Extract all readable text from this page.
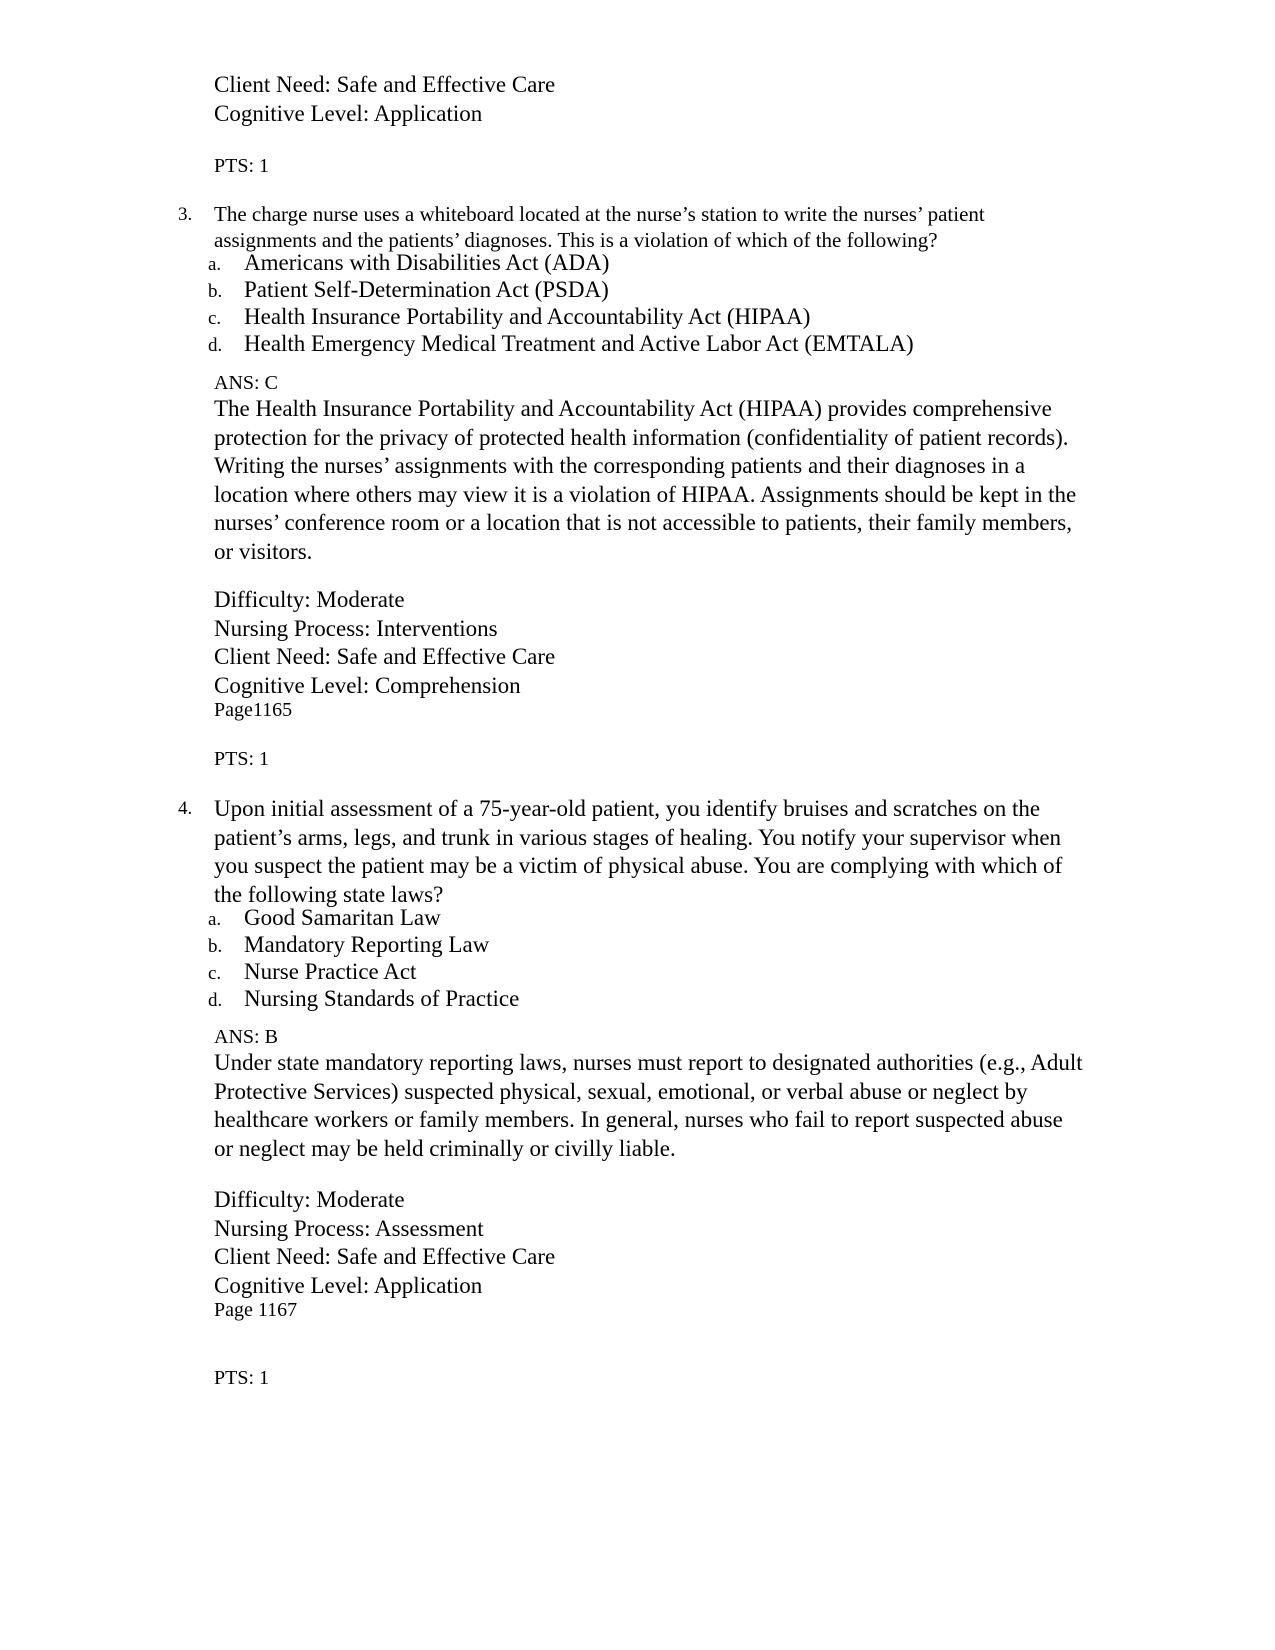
Client Need: Safe and Effective Care
Cognitive Level: Application
PTS: 1
3. The charge nurse uses a whiteboard located at the nurse’s station to write the nurses’ patient
assignments and the patients’ diagnoses. This is a violation of which of the following?
a. Americans with Disabilities Act (ADA)
b. Patient Self-Determination Act (PSDA)
c. Health Insurance Portability and Accountability Act (HIPAA)
d. Health Emergency Medical Treatment and Active Labor Act (EMTALA)
ANS: C
The Health Insurance Portability and Accountability Act (HIPAA) provides comprehensive
protection for the privacy of protected health information (confidentiality of patient records).
Writing the nurses’ assignments with the corresponding patients and their diagnoses in a
location where others may view it is a violation of HIPAA. Assignments should be kept in the
nurses’ conference room or a location that is not accessible to patients, their family members,
or visitors.
Difficulty: Moderate
Nursing Process: Interventions
Client Need: Safe and Effective Care
Cognitive Level: Comprehension
Page1165
PTS: 1
4. Upon initial assessment of a 75-year-old patient, you identify bruises and scratches on the
patient’s arms, legs, and trunk in various stages of healing. You notify your supervisor when
you suspect the patient may be a victim of physical abuse. You are complying with which of
the following state laws?
a. Good Samaritan Law
b. Mandatory Reporting Law
c. Nurse Practice Act
d. Nursing Standards of Practice
ANS: B
Under state mandatory reporting laws, nurses must report to designated authorities (e.g., Adult
Protective Services) suspected physical, sexual, emotional, or verbal abuse or neglect by
healthcare workers or family members. In general, nurses who fail to report suspected abuse
or neglect may be held criminally or civilly liable.
Difficulty: Moderate
Nursing Process: Assessment
Client Need: Safe and Effective Care
Cognitive Level: Application
Page 1167
PTS: 1
